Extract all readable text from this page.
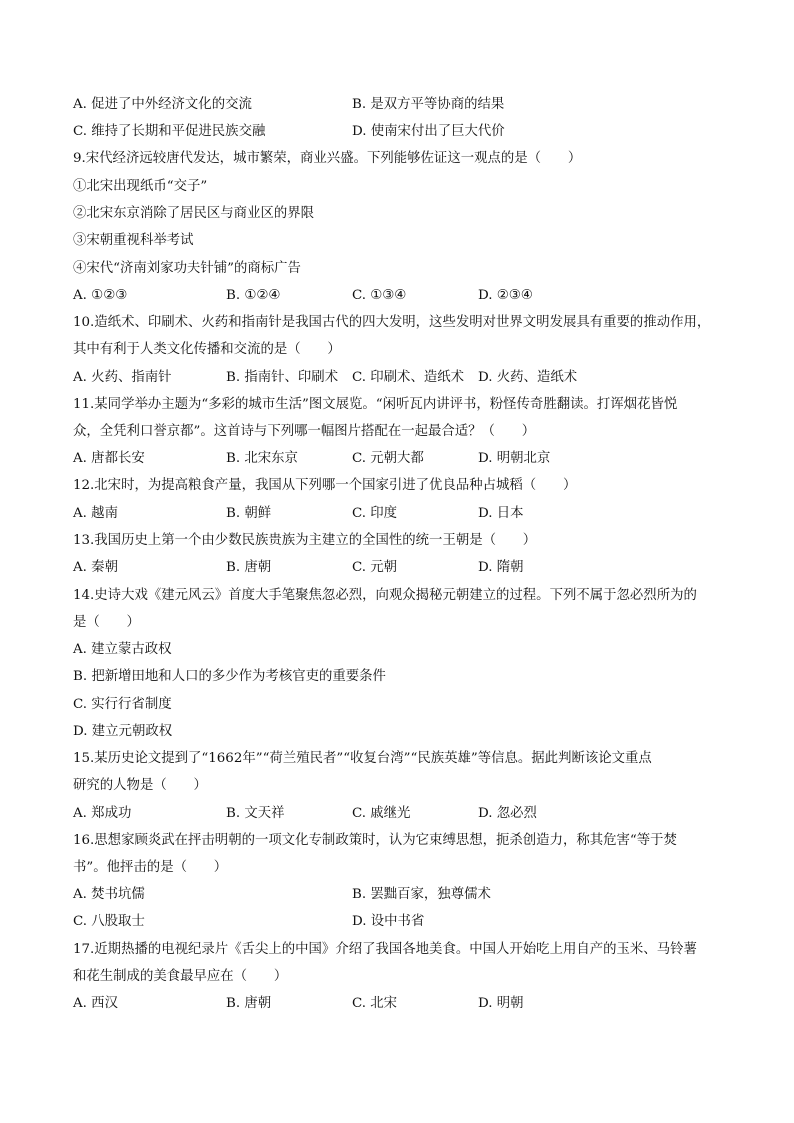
A. 促进了中外经济文化的交流	B. 是双方平等协商的结果
C. 维持了长期和平促进民族交融	D. 使南宋付出了巨大代价
9.宋代经济远较唐代发达，城市繁荣，商业兴盛。下列能够佐证这一观点的是（　　）
①北宋出现纸币“交子”
②北宋东京消除了居民区与商业区的界限
③宋朝重视科举考试
④宋代“济南刘家功夫针铺”的商标广告
A. ①②③	B. ①②④	C. ①③④	D. ②③④
10.造纸术、印刷术、火药和指南针是我国古代的四大发明，这些发明对世界文明发展具有重要的推动作用，
其中有利于人类文化传播和交流的是（　　）
A. 火药、指南针	B. 指南针、印刷术 C. 印刷术、造纸术 D. 火药、造纸术
11.某同学举办主题为“多彩的城市生活”图文展览。“闲听瓦内讲评书，粉怪传奇胜翻读。打诨烟花皆悦
众，全凭利口誉京都”。这首诗与下列哪一幅图片搭配在一起最合适？（　　）
A. 唐都长安	B. 北宋东京	C. 元朝大都	D. 明朝北京
12.北宋时，为提高粮食产量，我国从下列哪一个国家引进了优良品种占城稻（　　）
A. 越南	B. 朝鲜	C. 印度	D. 日本
13.我国历史上第一个由少数民族贵族为主建立的全国性的统一王朝是（　　）
A. 秦朝	B. 唐朝	C. 元朝	D. 隋朝
14.史诗大戏《建元风云》首度大手笔聚焦忽必烈，向观众揭秘元朝建立的过程。下列不属于忽必烈所为的
是（　　）
A. 建立蒙古政权
B. 把新增田地和人口的多少作为考核官吏的重要条件
C. 实行行省制度
D. 建立元朝政权
15.某历史论文提到了“1662年”“荷兰殖民者”“收复台湾”“民族英雄”等信息。据此判断该论文重点
研究的人物是（　　）
A. 郑成功	B. 文天祥	C. 戚继光	D. 忽必烈
16.思想家顾炎武在抨击明朝的一项文化专制政策时，认为它束缚思想，扼杀创造力，称其危害“等于焚
书”。他抨击的是（　　）
A. 焚书坑儒	B. 罢黜百家，独尊儒术
C. 八股取士	D. 设中书省
17.近期热播的电视纪录片《舌尖上的中国》介绍了我国各地美食。中国人开始吃上用自产的玉米、马铃薯
和花生制成的美食最早应在（　　）
A. 西汉	B. 唐朝	C. 北宋	D. 明朝
